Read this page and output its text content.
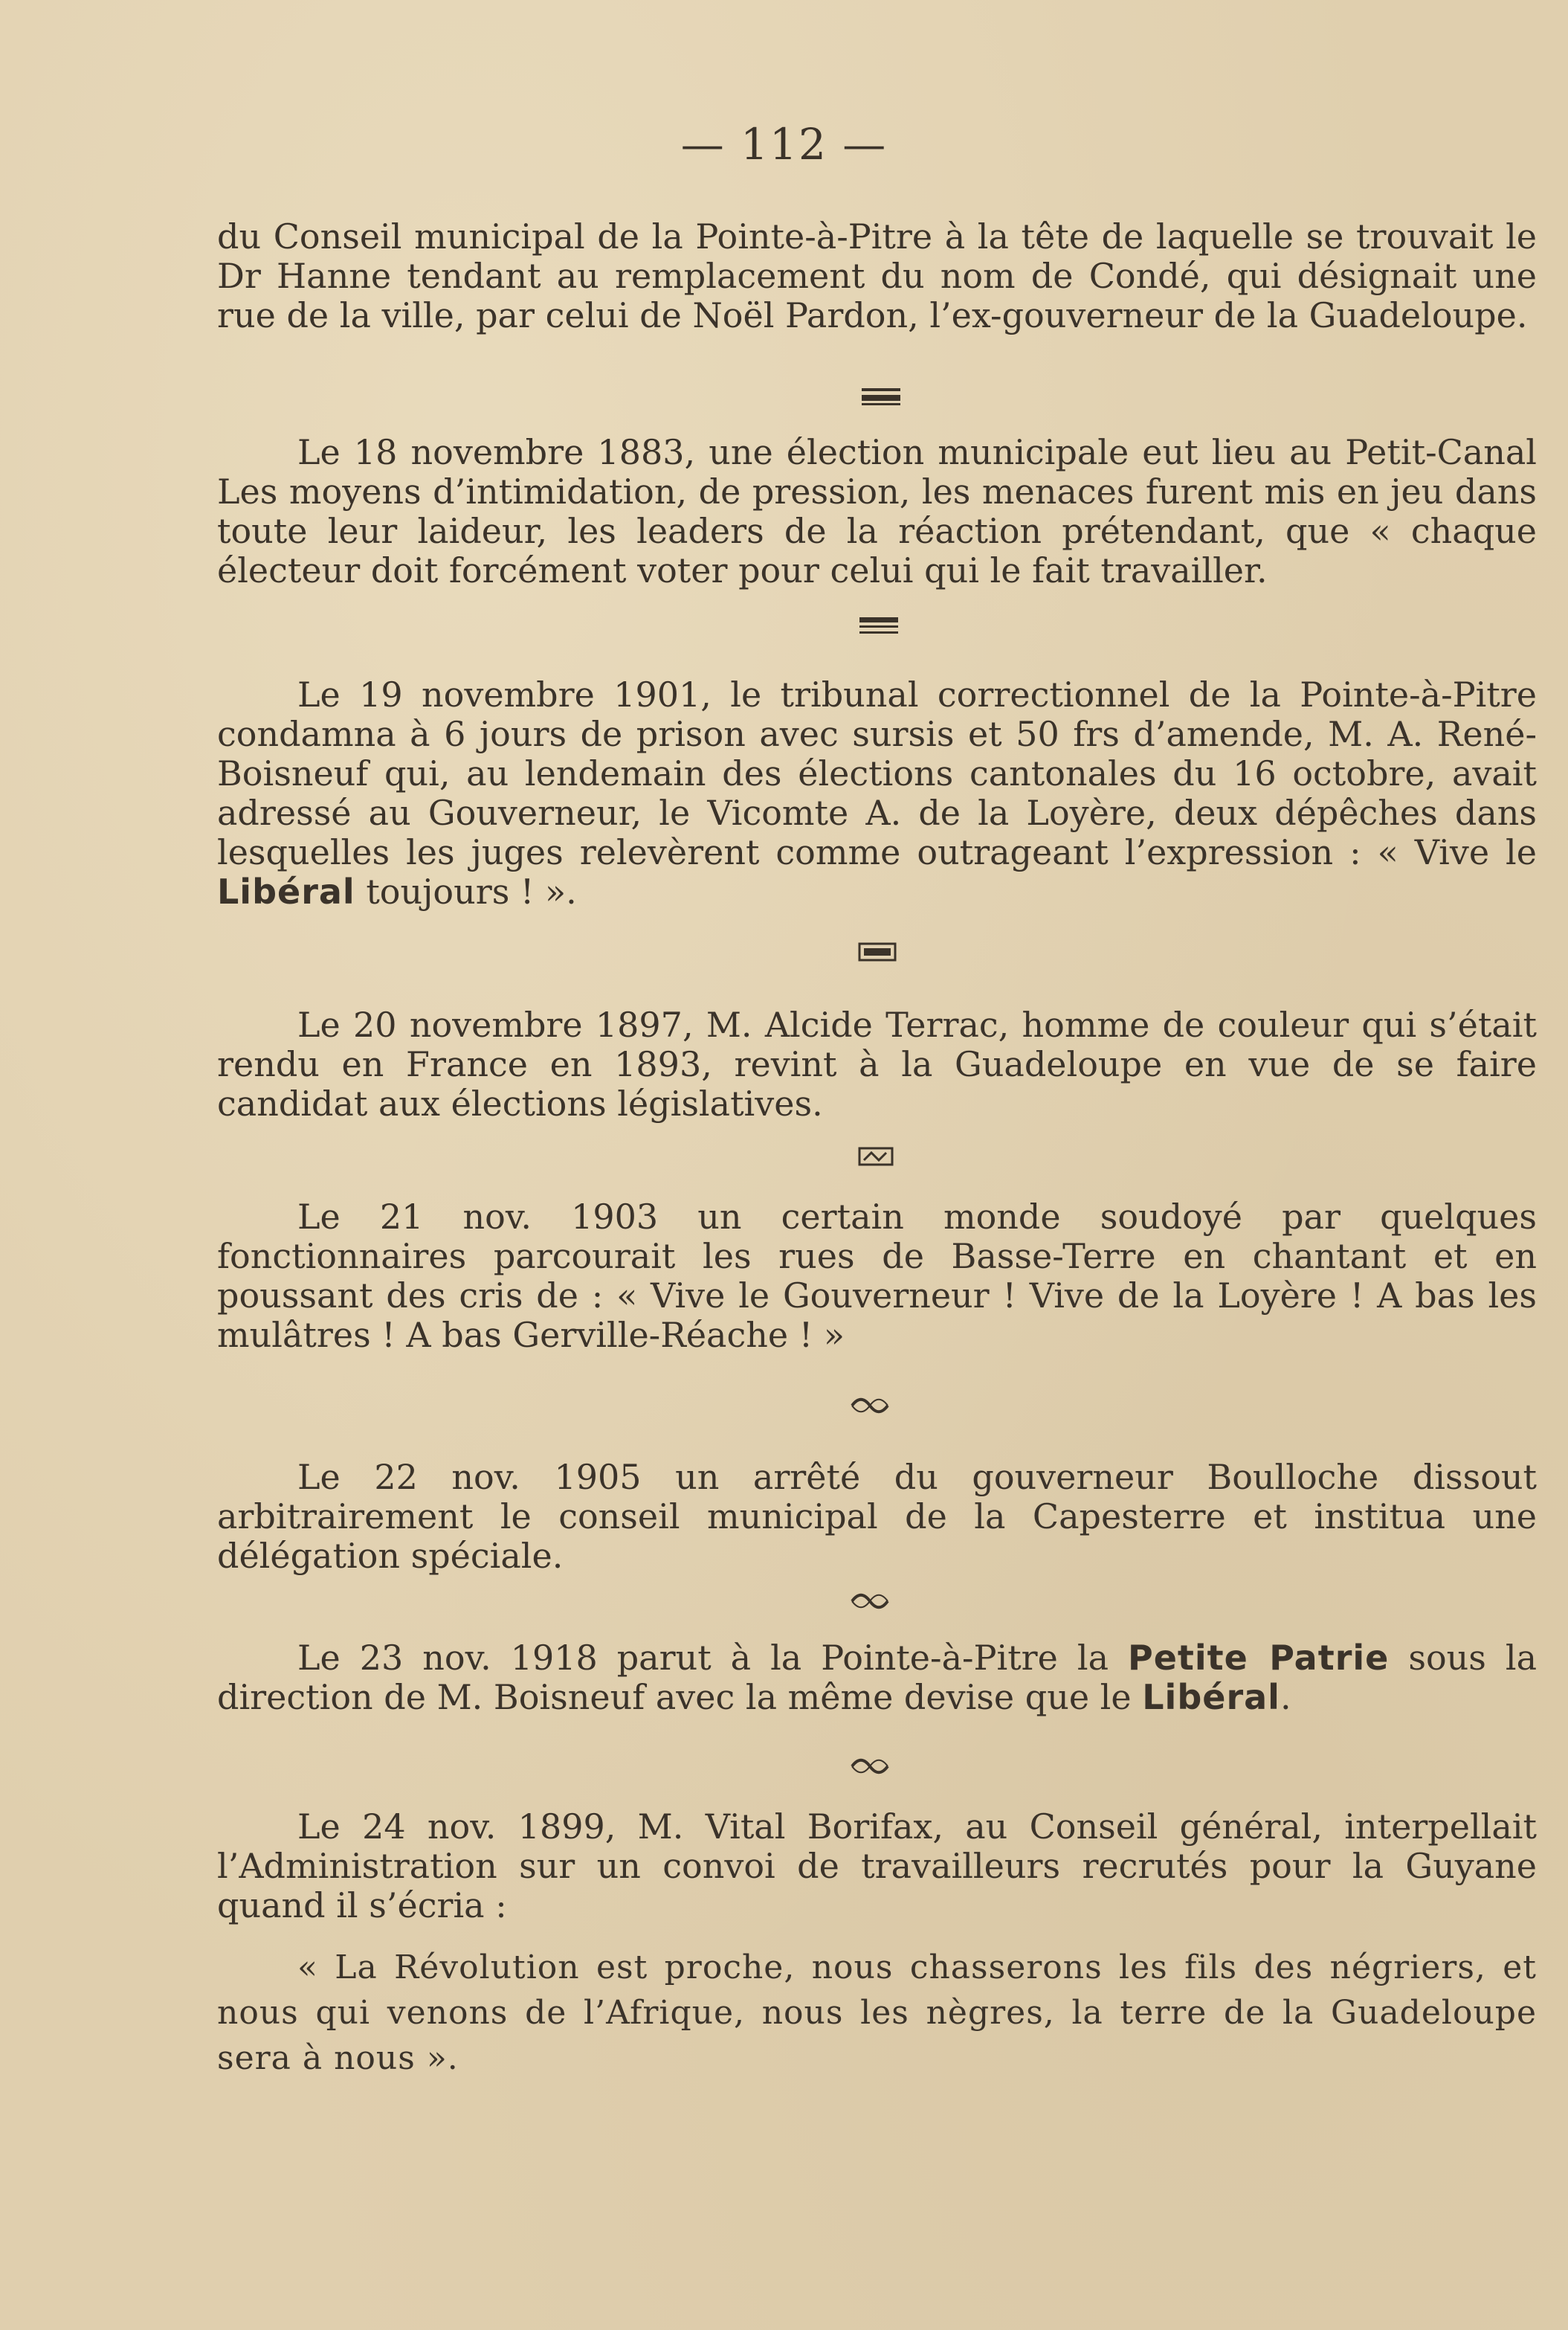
— 112 —

du Conseil municipal de la Pointe-à-Pitre à la tête de laquelle se trouvait le Dr Hanne tendant au remplacement du nom de Condé, qui désignait une rue de la ville, par celui de Noël Pardon, l’ex-gouverneur de la Guadeloupe.

Le 18 novembre 1883, une élection municipale eut lieu au Petit-Canal Les moyens d’intimidation, de pression, les menaces furent mis en jeu dans toute leur laideur, les leaders de la réaction prétendant, que « chaque électeur doit forcément voter pour celui qui le fait travailler.

Le 19 novembre 1901, le tribunal correctionnel de la Pointe-à-Pitre condamna à 6 jours de prison avec sursis et 50 frs d’amende, M. A. René-Boisneuf qui, au lendemain des élections cantonales du 16 octobre, avait adressé au Gouverneur, le Vicomte A. de la Loyère, deux dépêches dans lesquelles les juges relevèrent comme outrageant l’expression : « Vive le Libéral toujours ! ».

Le 20 novembre 1897, M. Alcide Terrac, homme de couleur qui s’était rendu en France en 1893, revint à la Guadeloupe en vue de se faire candidat aux élections législatives.

Le 21 nov. 1903 un certain monde soudoyé par quelques fonctionnaires parcourait les rues de Basse-Terre en chantant et en poussant des cris de : « Vive le Gouverneur ! Vive de la Loyère ! A bas les mulâtres ! A bas Gerville-Réache ! »

Le 22 nov. 1905 un arrêté du gouverneur Boulloche dissout arbitrairement le conseil municipal de la Capesterre et institua une délégation spéciale.

Le 23 nov. 1918 parut à la Pointe-à-Pitre la Petite Patrie sous la direction de M. Boisneuf avec la même devise que le Libéral.

Le 24 nov. 1899, M. Vital Borifax, au Conseil général, interpellait l’Administration sur un convoi de travailleurs recrutés pour la Guyane quand il s’écria :

« La Révolution est proche, nous chasserons les fils des négriers, et nous qui venons de l’Afrique, nous les nègres, la terre de la Guadeloupe sera à nous ».
